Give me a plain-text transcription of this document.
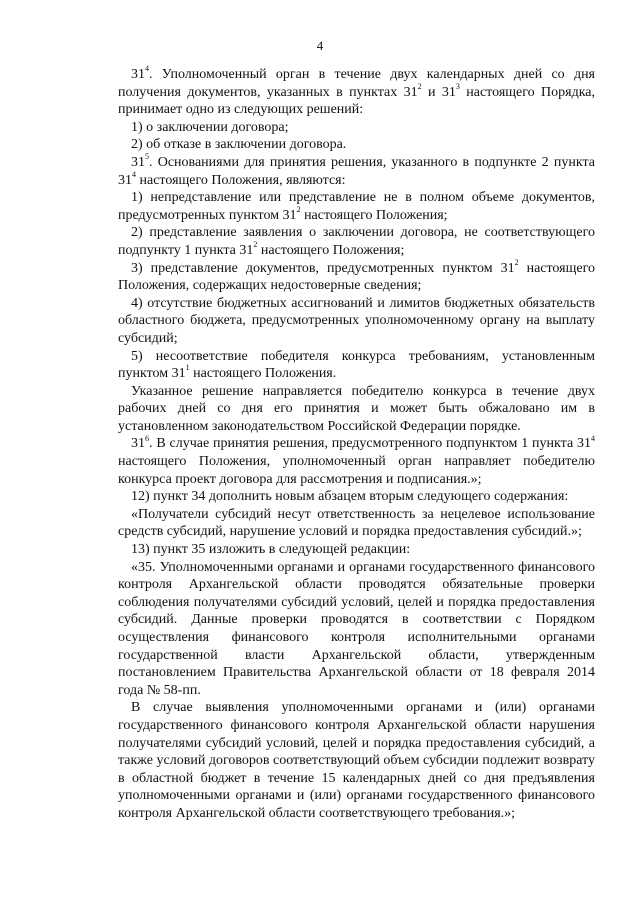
4

$31^4$. Уполномоченный орган в течение двух календарных дней со дня получения документов, указанных в пунктах $31^2$ и $31^3$ настоящего Порядка, принимает одно из следующих решений:

1) о заключении договора;

2) об отказе в заключении договора.

$31^5$. Основаниями для принятия решения, указанного в подпункте 2 пункта $31^4$ настоящего Положения, являются:

1) непредставление или представление не в полном объеме документов, предусмотренных пунктом $31^2$ настоящего Положения;

2) представление заявления о заключении договора, не соответствующего подпункту 1 пункта $31^2$ настоящего Положения;

3) представление документов, предусмотренных пунктом $31^2$ настоящего Положения, содержащих недостоверные сведения;

4) отсутствие бюджетных ассигнований и лимитов бюджетных обязательств областного бюджета, предусмотренных уполномоченному органу на выплату субсидий;

5) несоответствие победителя конкурса требованиям, установленным пунктом $31^1$ настоящего Положения.

Указанное решение направляется победителю конкурса в течение двух рабочих дней со дня его принятия и может быть обжаловано им в установленном законодательством Российской Федерации порядке.

$31^6$. В случае принятия решения, предусмотренного подпунктом 1 пункта $31^4$ настоящего Положения, уполномоченный орган направляет победителю конкурса проект договора для рассмотрения и подписания.»;

12) пункт 34 дополнить новым абзацем вторым следующего содержания:

«Получатели субсидий несут ответственность за нецелевое использование средств субсидий, нарушение условий и порядка предоставления субсидий.»;

13) пункт 35 изложить в следующей редакции:

«35. Уполномоченными органами и органами государственного финансового контроля Архангельской области проводятся обязательные проверки соблюдения получателями субсидий условий, целей и порядка предоставления субсидий. Данные проверки проводятся в соответствии с Порядком осуществления финансового контроля исполнительными органами государственной власти Архангельской области, утвержденным постановлением Правительства Архангельской области от 18 февраля 2014 года № 58-пп.

В случае выявления уполномоченными органами и (или) органами государственного финансового контроля Архангельской области нарушения получателями субсидий условий, целей и порядка предоставления субсидий, а также условий договоров соответствующий объем субсидии подлежит возврату в областной бюджет в течение 15 календарных дней со дня предъявления уполномоченными органами и (или) органами государственного финансового контроля Архангельской области соответствующего требования.»;
